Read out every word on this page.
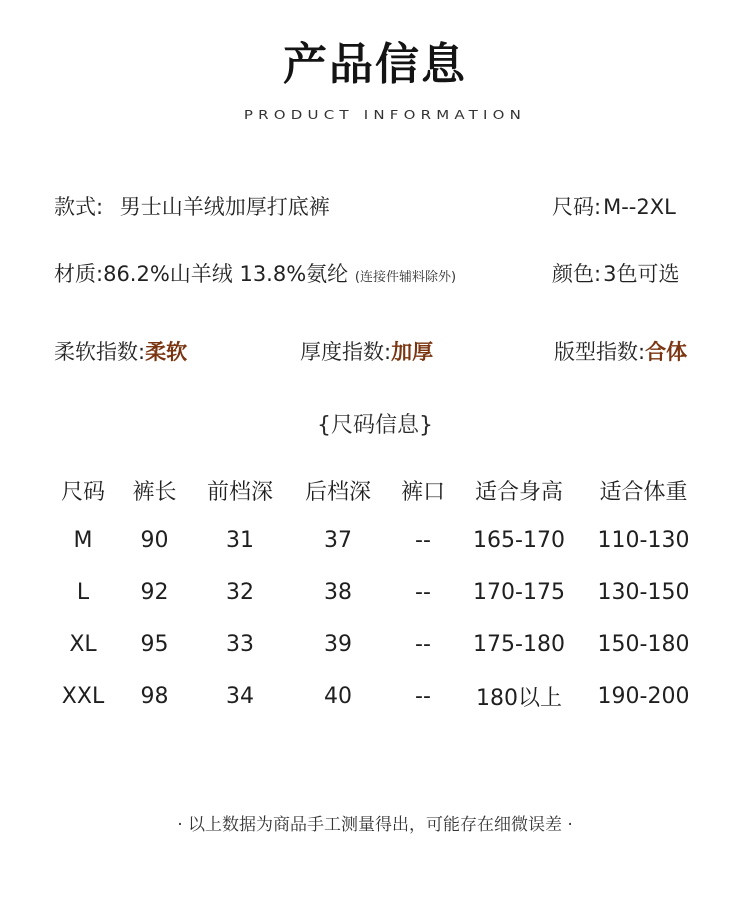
产品信息
PRODUCT INFORMATION
款式: 男士山羊绒加厚打底裤	尺码:M--2XL
材质:86.2%山羊绒 13.8%氨纶 (连接件辅料除外)	颜色:3色可选
柔软指数:柔软	厚度指数:加厚	版型指数:合体
{尺码信息}
尺码	裤长	前档深	后档深	裤口	适合身高	适合体重
M	90	31	37	--	165-170	110-130
L	92	32	38	--	170-175	130-150
XL	95	33	39	--	175-180	150-180
XXL	98	34	40	--	180以上	190-200
· 以上数据为商品手工测量得出，可能存在细微误差 ·
